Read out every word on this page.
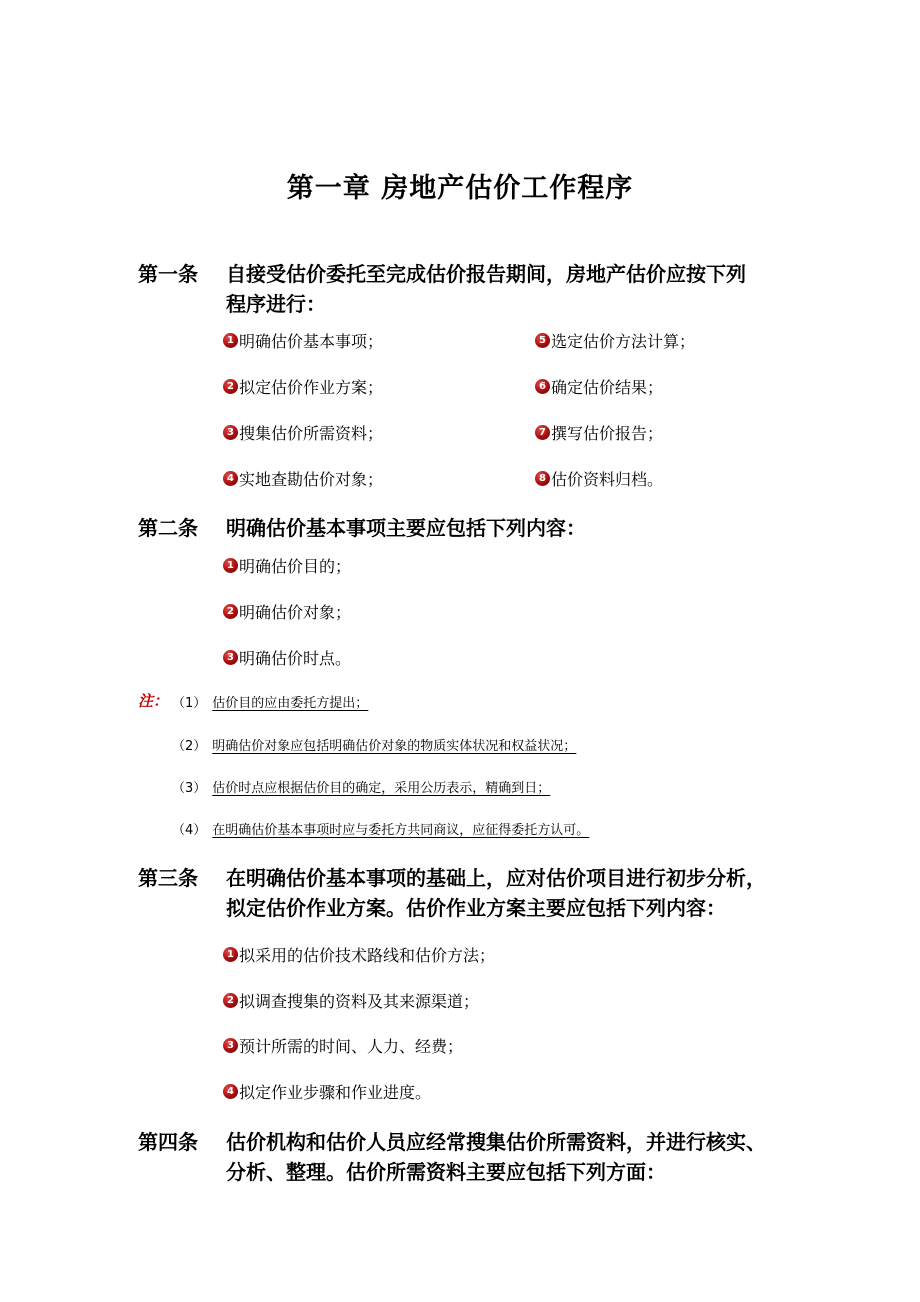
第一章 房地产估价工作程序
第一条 自接受估价委托至完成估价报告期间，房地产估价应按下列
程序进行：
1 明确估价基本事项；
2 拟定估价作业方案；
3 搜集估价所需资料；
4 实地查勘估价对象；
5 选定估价方法计算；
6 确定估价结果；
7 撰写估价报告；
8 估价资料归档。
第二条 明确估价基本事项主要应包括下列内容：
1 明确估价目的；
2 明确估价对象；
3 明确估价时点。
注： （1） 估价目的应由委托方提出；
（2） 明确估价对象应包括明确估价对象的物质实体状况和权益状况；
（3） 估价时点应根据估价目的确定，采用公历表示，精确到日；
（4） 在明确估价基本事项时应与委托方共同商议，应征得委托方认可。
第三条 在明确估价基本事项的基础上，应对估价项目进行初步分析，
拟定估价作业方案。估价作业方案主要应包括下列内容：
1 拟采用的估价技术路线和估价方法；
2 拟调查搜集的资料及其来源渠道；
3 预计所需的时间、人力、经费；
4 拟定作业步骤和作业进度。
第四条 估价机构和估价人员应经常搜集估价所需资料，并进行核实、
分析、整理。估价所需资料主要应包括下列方面：
